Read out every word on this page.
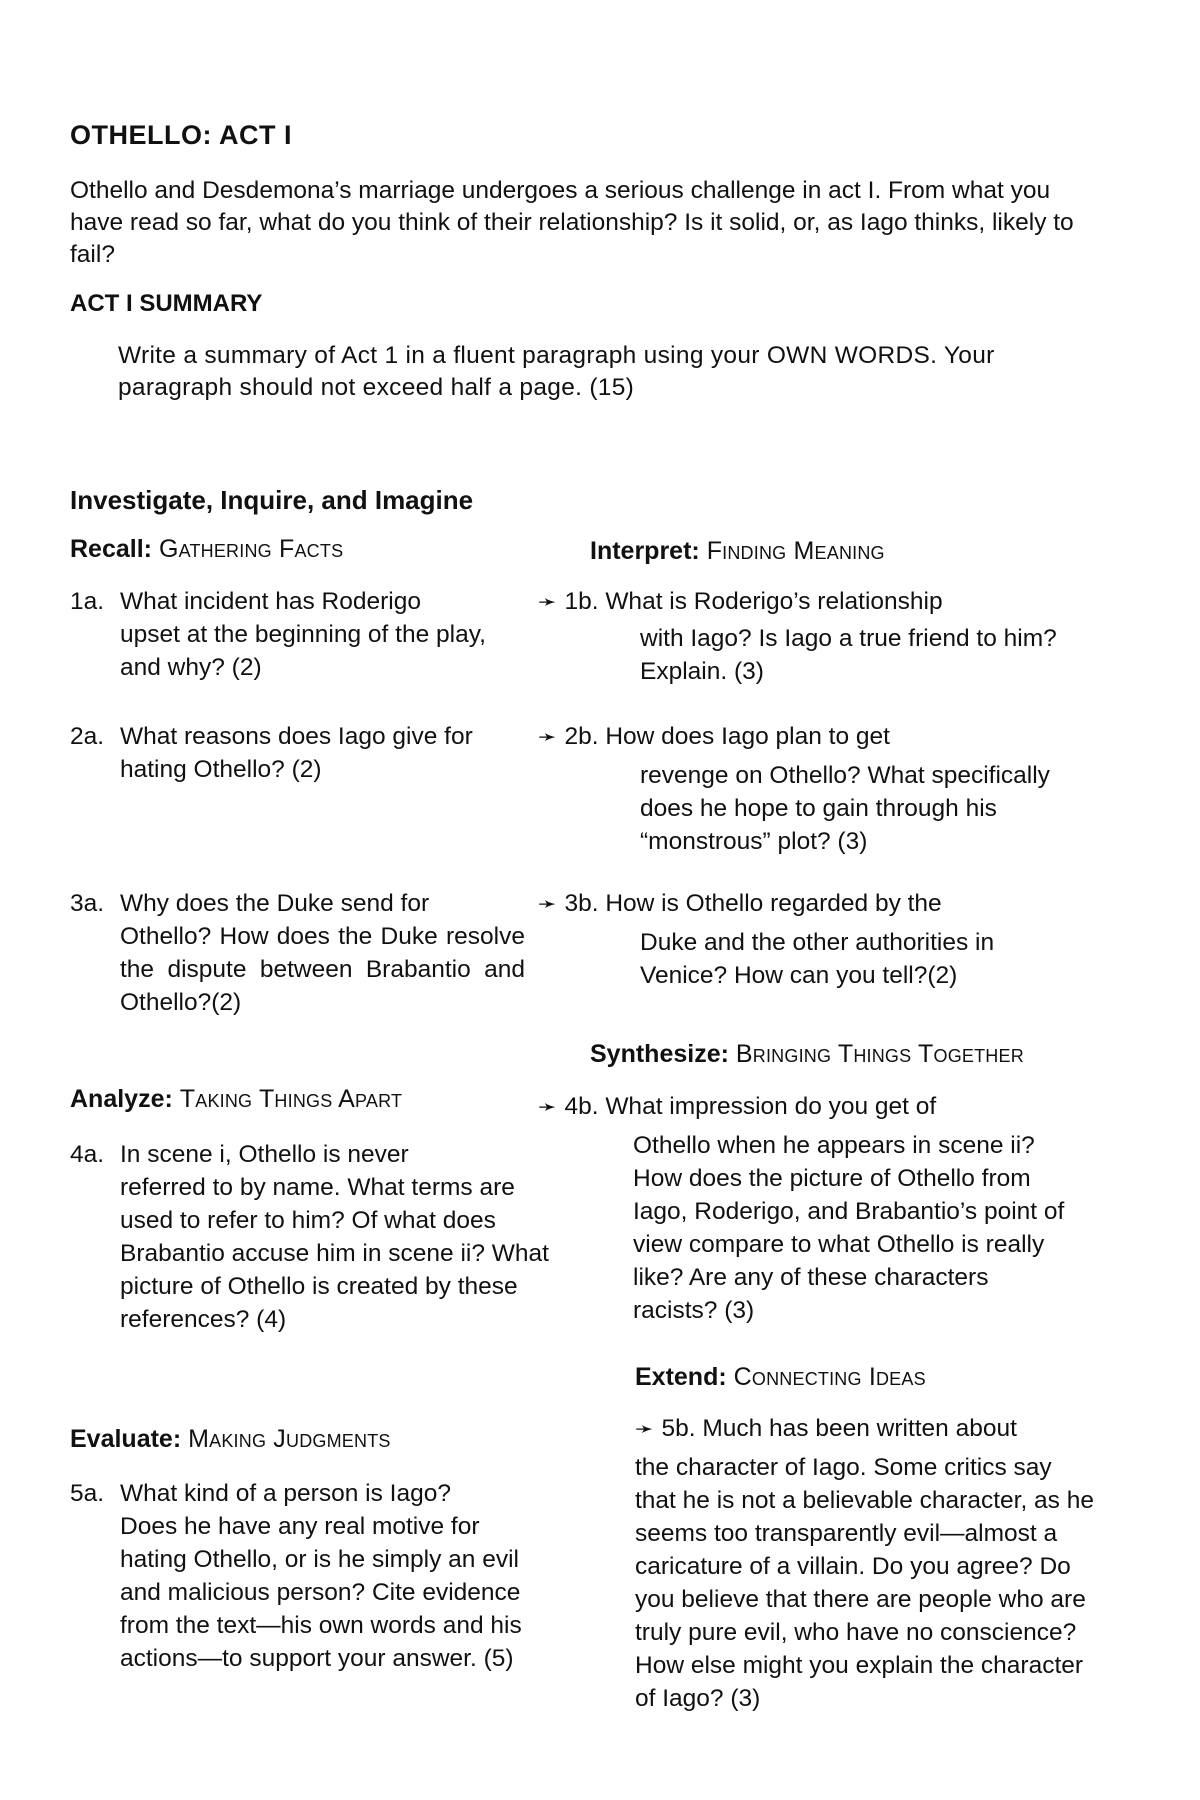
OTHELLO: ACT I
Othello and Desdemona’s marriage undergoes a serious challenge in act I. From what you have read so far, what do you think of their relationship? Is it solid, or, as Iago thinks, likely to fail?
ACT I SUMMARY
Write a summary of Act 1 in a fluent paragraph using your OWN WORDS. Your paragraph should not exceed half a page. (15)
Investigate, Inquire, and Imagine
Recall: Gathering Facts
1a. What incident has Roderigo
upset at the beginning of the play, and why? (2)
2a. What reasons does Iago give for
hating Othello? (2)
3a. Why does the Duke send for
Othello? How does the Duke resolve the dispute between Brabantio and Othello?(2)
Analyze: Taking Things Apart
4a. In scene i, Othello is never
referred to by name. What terms are used to refer to him? Of what does Brabantio accuse him in scene ii? What picture of Othello is created by these references? (4)
Evaluate: Making Judgments
5a. What kind of a person is Iago?
Does he have any real motive for hating Othello, or is he simply an evil and malicious person? Cite evidence from the text—his own words and his actions—to support your answer. (5)
Interpret: Finding Meaning
➛ 1b. What is Roderigo’s relationship
with Iago? Is Iago a true friend to him? Explain. (3)
➛ 2b. How does Iago plan to get
revenge on Othello? What specifically does he hope to gain through his “monstrous” plot? (3)
➛ 3b. How is Othello regarded by the
Duke and the other authorities in Venice? How can you tell?(2)
Synthesize: Bringing Things Together
➛ 4b. What impression do you get of
Othello when he appears in scene ii? How does the picture of Othello from Iago, Roderigo, and Brabantio’s point of view compare to what Othello is really like? Are any of these characters racists? (3)
Extend: Connecting Ideas
➛ 5b. Much has been written about
the character of Iago. Some critics say that he is not a believable character, as he seems too transparently evil—almost a caricature of a villain. Do you agree? Do you believe that there are people who are truly pure evil, who have no conscience? How else might you explain the character of Iago? (3)
